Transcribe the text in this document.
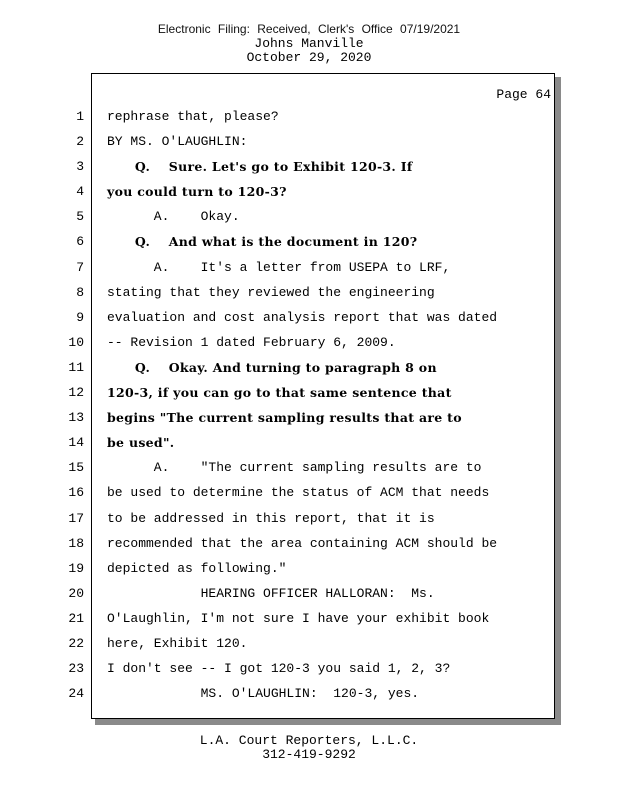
Electronic Filing: Received, Clerk's Office 07/19/2021
Johns Manville
October 29, 2020
Page 64
1 rephrase that, please?
2 BY MS. O'LAUGHLIN:
3 Q.    Sure. Let's go to Exhibit 120-3. If
4 you could turn to 120-3?
5 A.    Okay.
6 Q.    And what is the document in 120?
7 A.    It's a letter from USEPA to LRF,
8 stating that they reviewed the engineering
9 evaluation and cost analysis report that was dated
10 -- Revision 1 dated February 6, 2009.
11 Q.    Okay. And turning to paragraph 8 on
12 120-3, if you can go to that same sentence that
13 begins "The current sampling results that are to
14 be used".
15 A.    "The current sampling results are to
16 be used to determine the status of ACM that needs
17 to be addressed in this report, that it is
18 recommended that the area containing ACM should be
19 depicted as following."
20 HEARING OFFICER HALLORAN:  Ms.
21 O'Laughlin, I'm not sure I have your exhibit book
22 here, Exhibit 120.
23 I don't see -- I got 120-3 you said 1, 2, 3?
24 MS. O'LAUGHLIN:  120-3, yes.
L.A. Court Reporters, L.L.C.
312-419-9292
